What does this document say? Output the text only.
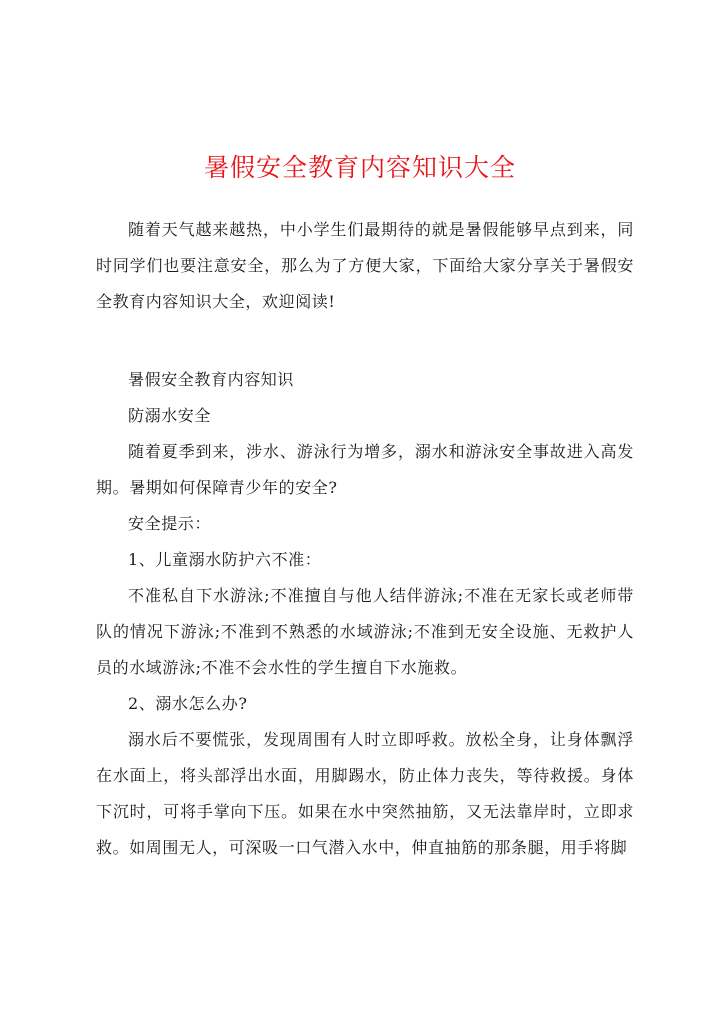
暑假安全教育内容知识大全

随着天气越来越热，中小学生们最期待的就是暑假能够早点到来，同时同学们也要注意安全，那么为了方便大家，下面给大家分享关于暑假安全教育内容知识大全，欢迎阅读!

暑假安全教育内容知识

防溺水安全

随着夏季到来，涉水、游泳行为增多，溺水和游泳安全事故进入高发期。暑期如何保障青少年的安全?

安全提示：

1、儿童溺水防护六不准：

不准私自下水游泳;不准擅自与他人结伴游泳;不准在无家长或老师带队的情况下游泳;不准到不熟悉的水域游泳;不准到无安全设施、无救护人员的水域游泳;不准不会水性的学生擅自下水施救。

2、溺水怎么办?

溺水后不要慌张，发现周围有人时立即呼救。放松全身，让身体飘浮在水面上，将头部浮出水面，用脚踢水，防止体力丧失，等待救援。身体下沉时，可将手掌向下压。如果在水中突然抽筋，又无法靠岸时，立即求救。如周围无人，可深吸一口气潜入水中，伸直抽筋的那条腿，用手将脚
